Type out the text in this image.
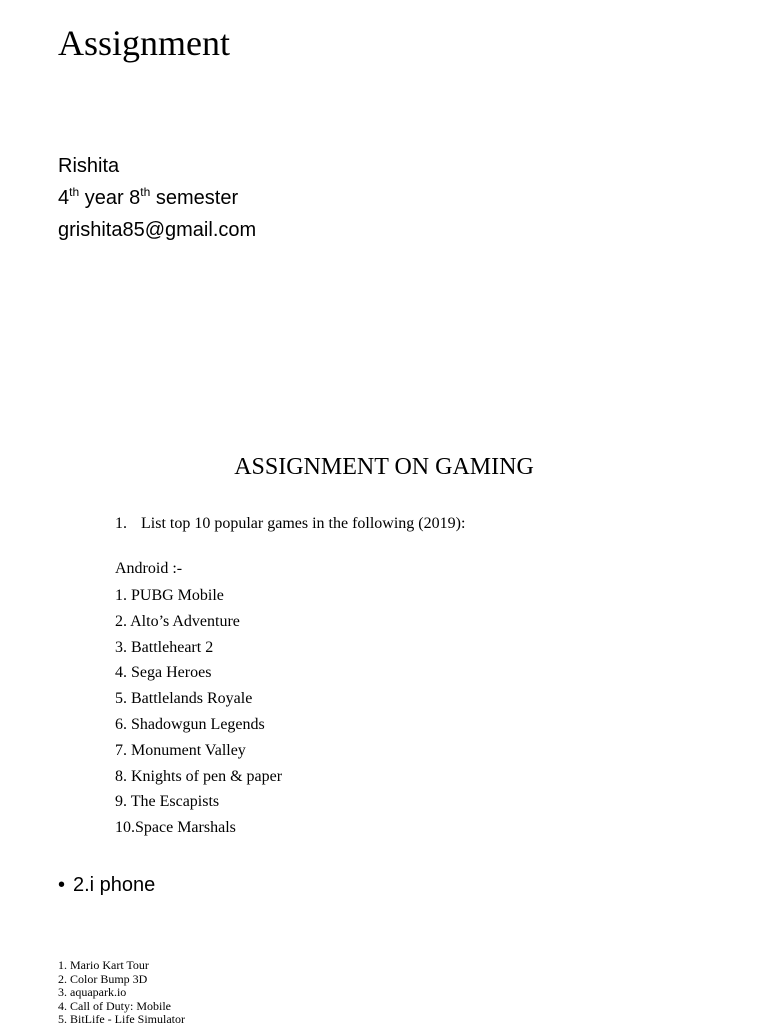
Assignment
Rishita
4th year 8th semester
grishita85@gmail.com
ASSIGNMENT ON GAMING
1. List top 10 popular games in the following (2019):
Android :-
1. PUBG Mobile
2. Alto’s Adventure
3. Battleheart 2
4. Sega Heroes
5. Battlelands Royale
6. Shadowgun Legends
7. Monument Valley
8. Knights of pen & paper
9. The Escapists
10.Space Marshals
• 2.i phone
1. Mario Kart Tour
2. Color Bump 3D
3. aquapark.io
4. Call of Duty: Mobile
5. BitLife - Life Simulator
